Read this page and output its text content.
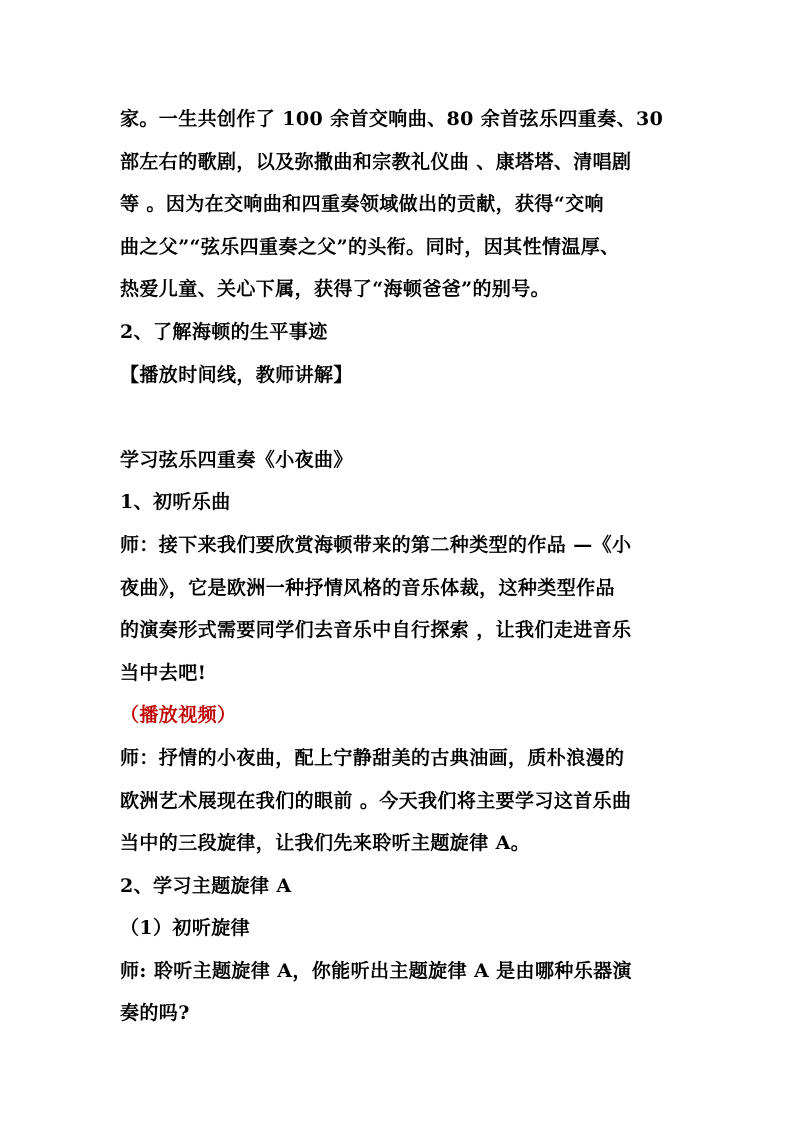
家。一生共创作了 100 余首交响曲、80 余首弦乐四重奏、30
部左右的歌剧，以及弥撒曲和宗教礼仪曲 、康塔塔、清唱剧
等 。因为在交响曲和四重奏领域做出的贡献，获得“交响
曲之父”“弦乐四重奏之父”的头衔。同时，因其性情温厚、
热爱儿童、关心下属，获得了“海顿爸爸”的别号。
2、了解海顿的生平事迹
【播放时间线，教师讲解】
学习弦乐四重奏《小夜曲》
1、初听乐曲
师：接下来我们要欣赏海顿带来的第二种类型的作品 —《小
夜曲》，它是欧洲一种抒情风格的音乐体裁，这种类型作品
的演奏形式需要同学们去音乐中自行探索 ，让我们走进音乐
当中去吧!
（播放视频）
师：抒情的小夜曲，配上宁静甜美的古典油画，质朴浪漫的
欧洲艺术展现在我们的眼前 。今天我们将主要学习这首乐曲
当中的三段旋律，让我们先来聆听主题旋律 A。
2、学习主题旋律 A
（1）初听旋律
师: 聆听主题旋律 A，你能听出主题旋律 A 是由哪种乐器演
奏的吗?
